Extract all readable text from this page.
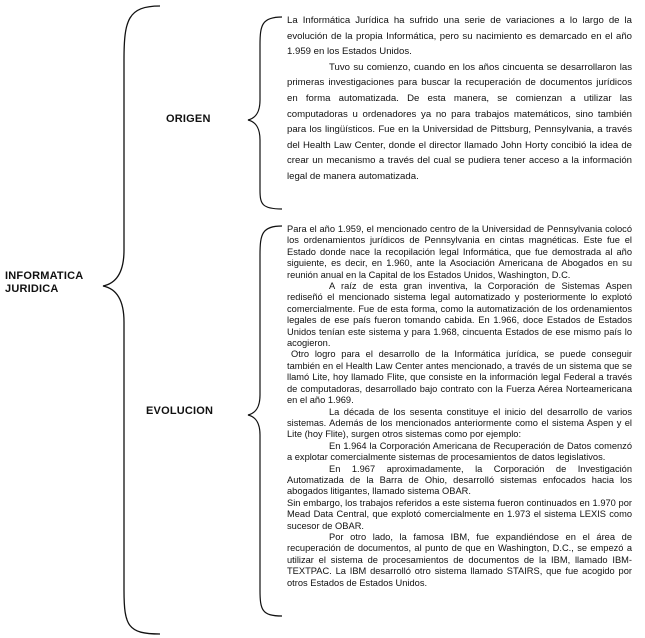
INFORMATICA
JURIDICA
ORIGEN
EVOLUCION

La Informática Jurídica ha sufrido una serie de variaciones a lo largo de la evolución de la propia Informática, pero su nacimiento es demarcado en el año 1.959 en los Estados Unidos.

Tuvo su comienzo, cuando en los años cincuenta se desarrollaron las primeras investigaciones para buscar la recuperación de documentos jurídicos en forma automatizada. De esta manera, se comienzan a utilizar las computadoras u ordenadores ya no para trabajos matemáticos, sino también para los lingüísticos. Fue en la Universidad de Pittsburg, Pennsylvania, a través del Health Law Center, donde el director llamado John Horty concibió la idea de crear un mecanismo a través del cual se pudiera tener acceso a la información legal de manera automatizada.

Para el año 1.959, el mencionado centro de la Universidad de Pennsylvania colocó los ordenamientos jurídicos de Pennsylvania en cintas magnéticas. Este fue el Estado donde nace la recopilación legal Informática, que fue demostrada al año siguiente, es decir, en 1.960, ante la Asociación Americana de Abogados en su reunión anual en la Capital de los Estados Unidos, Washington, D.C.

A raíz de esta gran inventiva, la Corporación de Sistemas Aspen rediseñó el mencionado sistema legal automatizado y posteriormente lo explotó comercialmente. Fue de esta forma, como la automatización de los ordenamientos legales de ese país fueron tomando cabida. En 1.966, doce Estados de Estados Unidos tenían este sistema y para 1.968, cincuenta Estados de ese mismo país lo acogieron.

Otro logro para el desarrollo de la Informática jurídica, se puede conseguir también en el Health Law Center antes mencionado, a través de un sistema que se llamó Lite, hoy llamado Flite, que consiste en la información legal Federal a través de computadoras, desarrollado bajo contrato con la Fuerza Aérea Norteamericana en el año 1.969.

La década de los sesenta constituye el inicio del desarrollo de varios sistemas. Además de los mencionados anteriormente como el sistema Aspen y el Lite (hoy Flite), surgen otros sistemas como por ejemplo:

En 1.964 la Corporación Americana de Recuperación de Datos comenzó a explotar comercialmente sistemas de procesamientos de datos legislativos.

En 1.967 aproximadamente, la Corporación de Investigación Automatizada de la Barra de Ohio, desarrolló sistemas enfocados hacia los abogados litigantes, llamado sistema OBAR.

Sin embargo, los trabajos referidos a este sistema fueron continuados en 1.970 por Mead Data Central, que explotó comercialmente en 1.973 el sistema LEXIS como sucesor de OBAR.

Por otro lado, la famosa IBM, fue expandiéndose en el área de recuperación de documentos, al punto de que en Washington, D.C., se empezó a utilizar el sistema de procesamientos de documentos de la IBM, llamado IBM- TEXTPAC. La IBM desarrolló otro sistema llamado STAIRS, que fue acogido por otros Estados de Estados Unidos.
